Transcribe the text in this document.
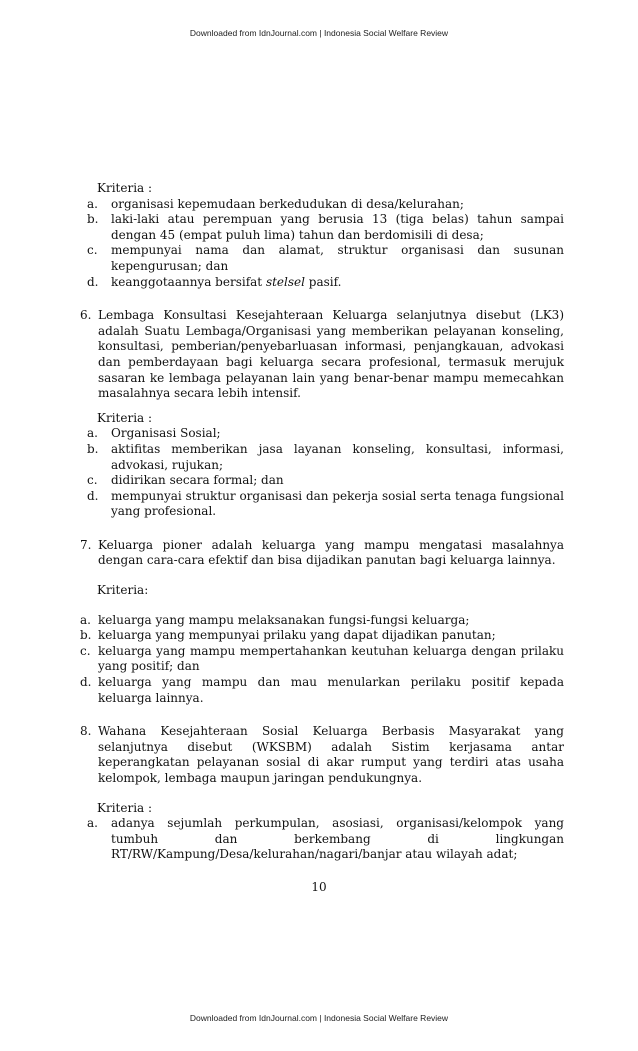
Downloaded from IdnJournal.com | Indonesia Social Welfare Review
Kriteria :
a.	organisasi kepemudaan berkedudukan di desa/kelurahan;
b.	laki-laki atau perempuan yang berusia 13 (tiga belas) tahun sampai dengan 45 (empat puluh lima) tahun dan berdomisili di desa;
c.	mempunyai nama dan alamat, struktur organisasi dan susunan kepengurusan; dan
d.	keanggotaannya bersifat stelsel pasif.
6. Lembaga Konsultasi Kesejahteraan Keluarga selanjutnya disebut (LK3) adalah Suatu Lembaga/Organisasi yang memberikan pelayanan konseling, konsultasi, pemberian/penyebarluasan informasi, penjangkauan, advokasi dan pemberdayaan bagi keluarga secara profesional, termasuk merujuk sasaran ke lembaga pelayanan lain yang benar-benar mampu memecahkan masalahnya secara lebih intensif.
Kriteria :
a.	Organisasi Sosial;
b.	aktifitas memberikan jasa layanan konseling, konsultasi, informasi, advokasi, rujukan;
c.	didirikan secara formal; dan
d.	mempunyai struktur organisasi dan pekerja sosial serta tenaga fungsional yang profesional.
7. Keluarga pioner adalah keluarga yang mampu mengatasi masalahnya dengan cara-cara efektif dan bisa dijadikan panutan bagi keluarga lainnya.
Kriteria:
a. keluarga yang mampu melaksanakan fungsi-fungsi keluarga;
b. keluarga yang mempunyai prilaku yang dapat dijadikan panutan;
c. keluarga yang mampu mempertahankan keutuhan keluarga dengan prilaku yang positif; dan
d. keluarga yang mampu dan mau menularkan perilaku positif kepada keluarga lainnya.
8. Wahana Kesejahteraan Sosial Keluarga Berbasis Masyarakat yang selanjutnya disebut (WKSBM) adalah Sistim kerjasama antar keperangkatan pelayanan sosial di akar rumput yang terdiri atas usaha kelompok, lembaga maupun jaringan pendukungnya.
Kriteria :
a.	adanya sejumlah perkumpulan, asosiasi, organisasi/kelompok yang tumbuh dan berkembang di lingkungan RT/RW/Kampung/Desa/kelurahan/nagari/banjar atau wilayah adat;
10
Downloaded from IdnJournal.com | Indonesia Social Welfare Review
